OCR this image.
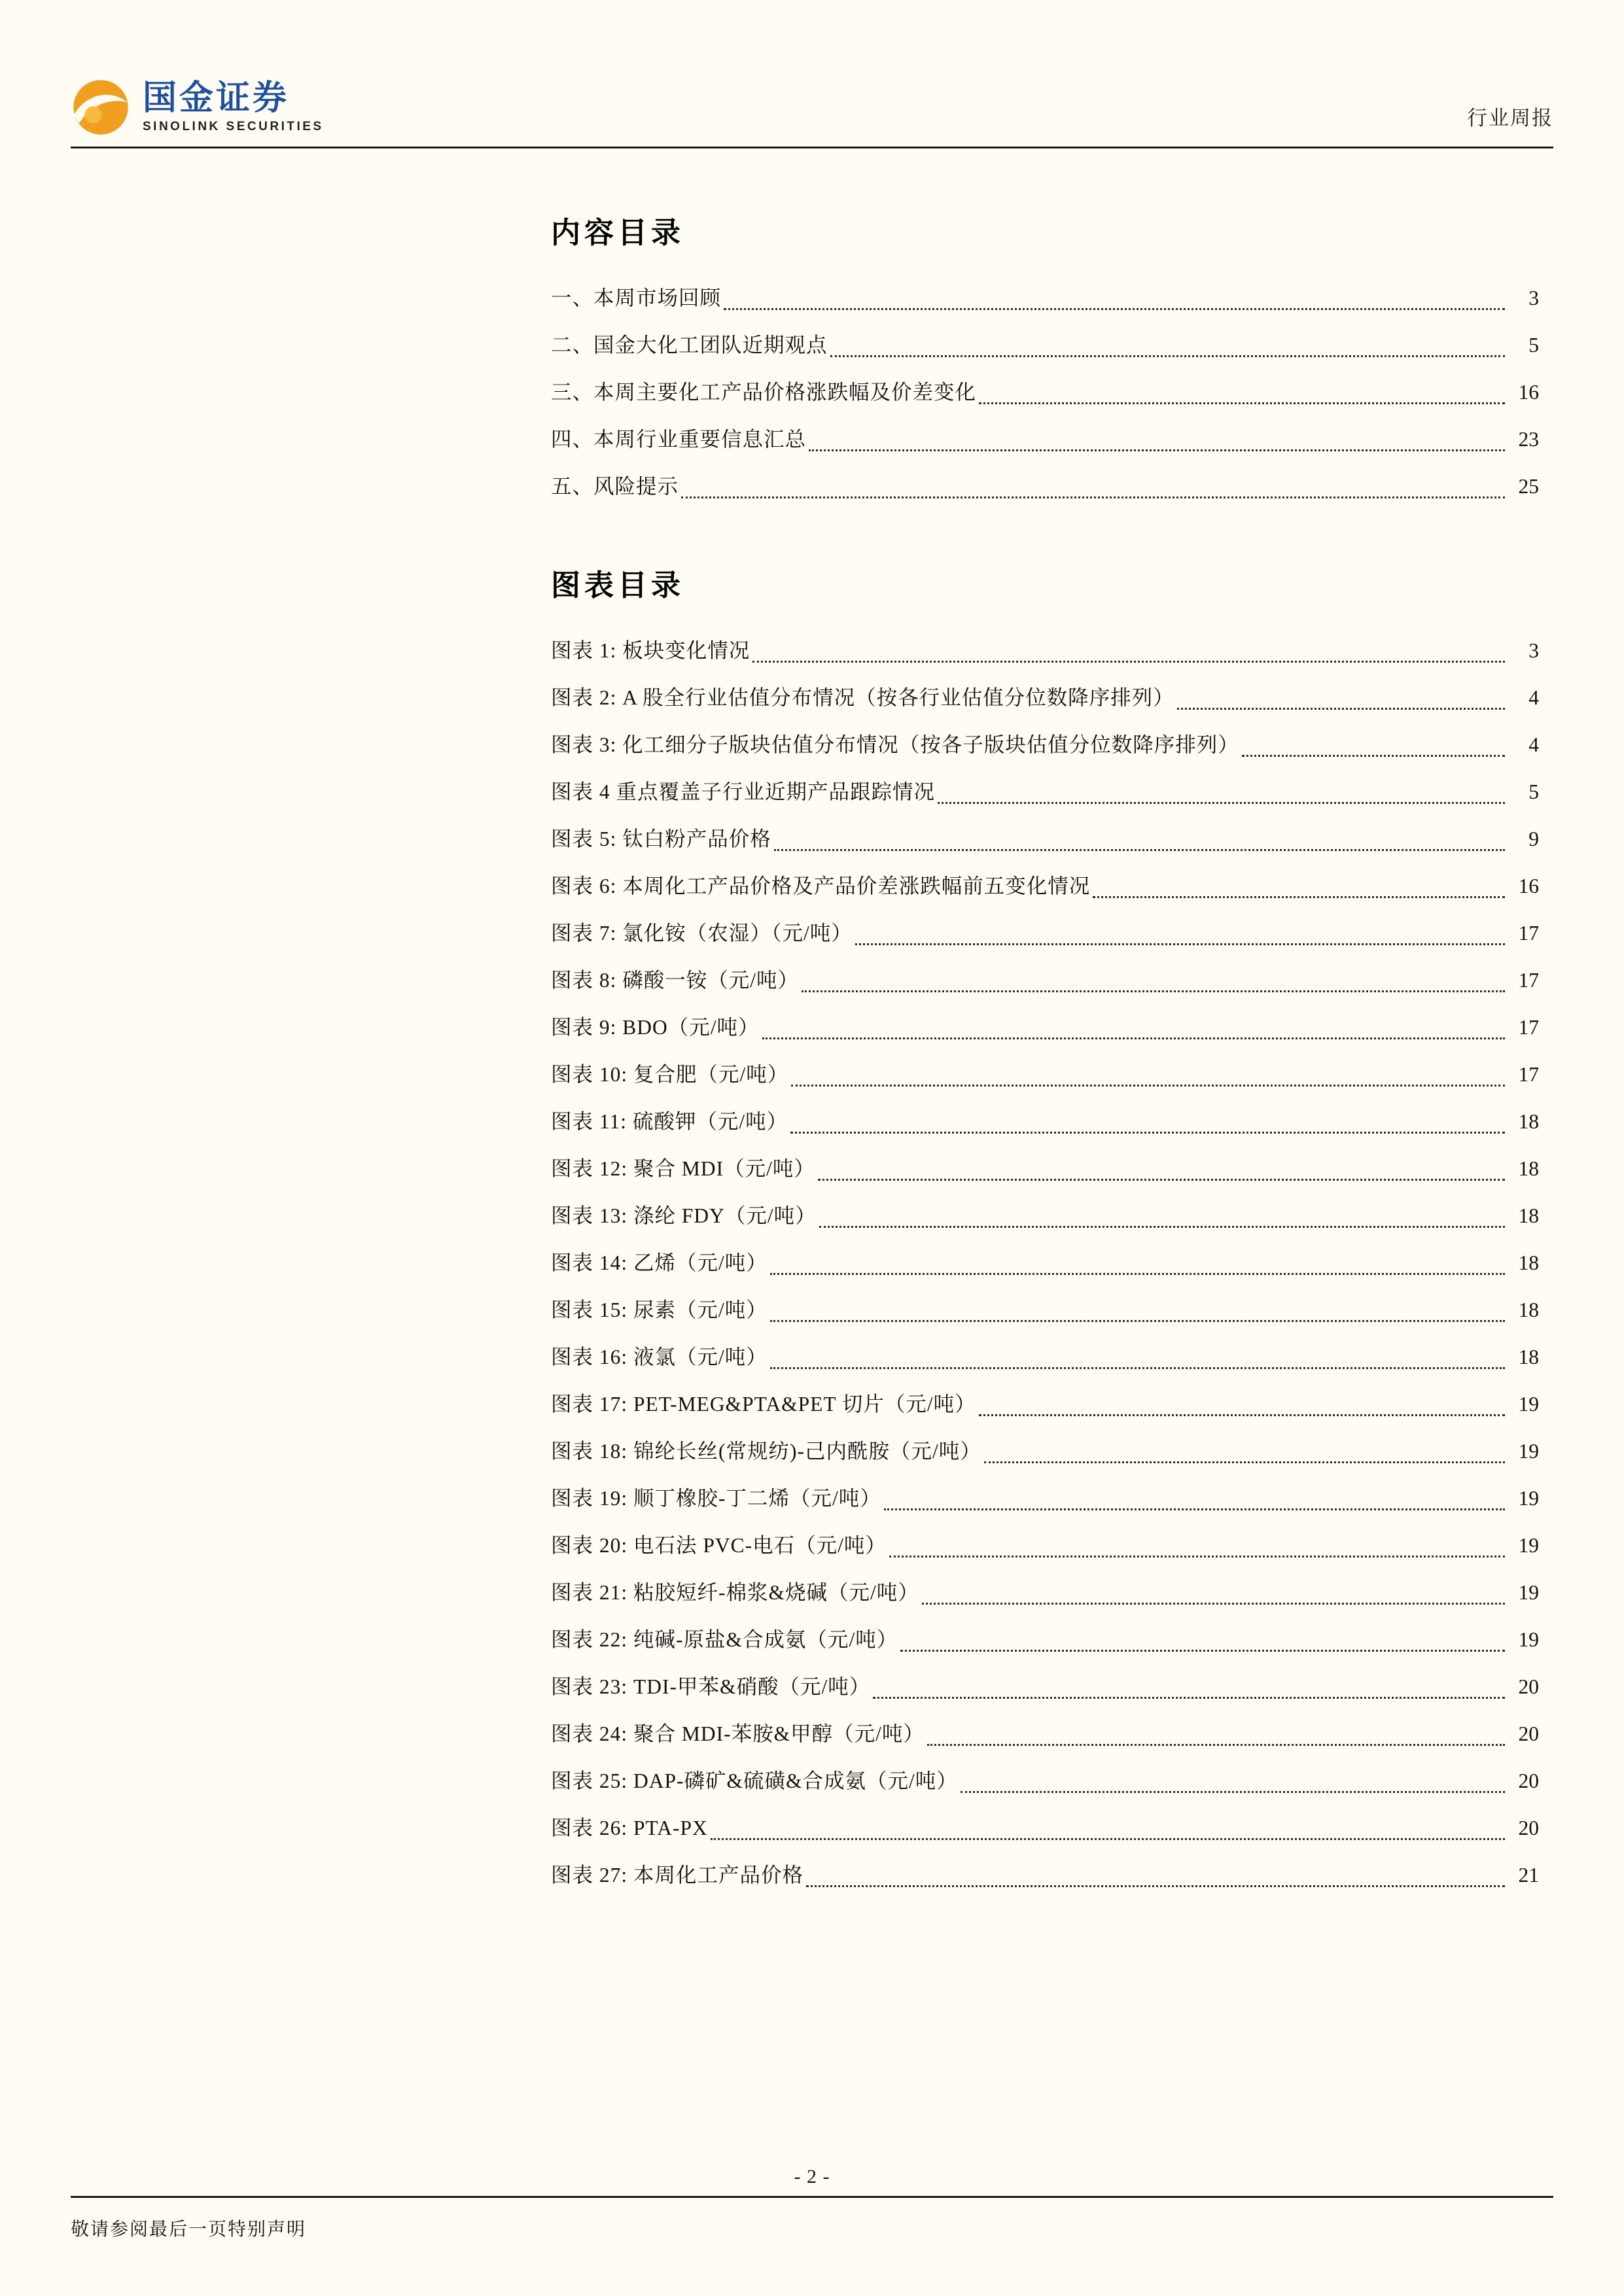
国金证券
SINOLINK SECURITIES	行业周报
内容目录
一、本周市场回顾	3
二、国金大化工团队近期观点	5
三、本周主要化工产品价格涨跌幅及价差变化	16
四、本周行业重要信息汇总	23
五、风险提示	25
图表目录
图表 1: 板块变化情况	3
图表 2: A 股全行业估值分布情况（按各行业估值分位数降序排列）	4
图表 3: 化工细分子版块估值分布情况（按各子版块估值分位数降序排列）	4
图表 4 重点覆盖子行业近期产品跟踪情况	5
图表 5: 钛白粉产品价格	9
图表 6: 本周化工产品价格及产品价差涨跌幅前五变化情况	16
图表 7: 氯化铵（农湿）（元/吨）	17
图表 8: 磷酸一铵（元/吨）	17
图表 9: BDO（元/吨）	17
图表 10: 复合肥（元/吨）	17
图表 11: 硫酸钾（元/吨）	18
图表 12: 聚合 MDI（元/吨）	18
图表 13: 涤纶 FDY（元/吨）	18
图表 14: 乙烯（元/吨）	18
图表 15: 尿素（元/吨）	18
图表 16: 液氯（元/吨）	18
图表 17: PET-MEG&PTA&PET 切片（元/吨）	19
图表 18: 锦纶长丝(常规纺)-己内酰胺（元/吨）	19
图表 19: 顺丁橡胶-丁二烯（元/吨）	19
图表 20: 电石法 PVC-电石（元/吨）	19
图表 21: 粘胶短纤-棉浆&烧碱（元/吨）	19
图表 22: 纯碱-原盐&合成氨（元/吨）	19
图表 23: TDI-甲苯&硝酸（元/吨）	20
图表 24: 聚合 MDI-苯胺&甲醇（元/吨）	20
图表 25: DAP-磷矿&硫磺&合成氨（元/吨）	20
图表 26: PTA-PX	20
图表 27: 本周化工产品价格	21
- 2 -
敬请参阅最后一页特别声明
